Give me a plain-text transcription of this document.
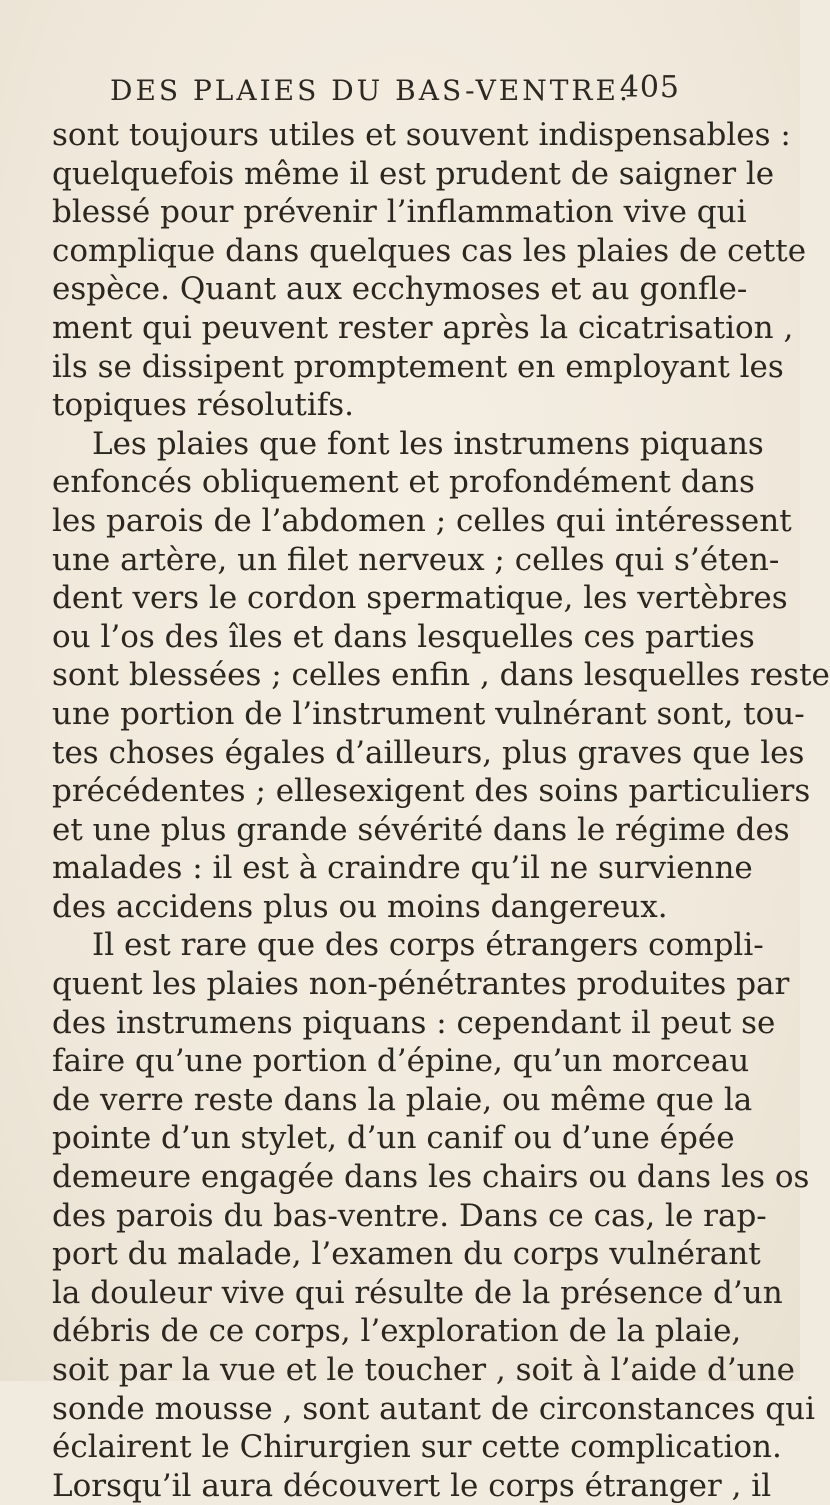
DES PLAIES DU BAS-VENTRE.
405
sont toujours utiles et souvent indispensables :
quelquefois même il est prudent de saigner le
blessé pour prévenir l’inflammation vive qui
complique dans quelques cas les plaies de cette
espèce. Quant aux ecchymoses et au gonfle-
ment qui peuvent rester après la cicatrisation ,
ils se dissipent promptement en employant les
topiques résolutifs.
Les plaies que font les instrumens piquans
enfoncés obliquement et profondément dans
les parois de l’abdomen ; celles qui intéressent
une artère, un filet nerveux ; celles qui s’éten-
dent vers le cordon spermatique, les vertèbres
ou l’os des îles et dans lesquelles ces parties
sont blessées ; celles enfin , dans lesquelles reste
une portion de l’instrument vulnérant sont, tou-
tes choses égales d’ailleurs, plus graves que les
précédentes ; ellesexigent des soins particuliers
et une plus grande sévérité dans le régime des
malades : il est à craindre qu’il ne survienne
des accidens plus ou moins dangereux.
Il est rare que des corps étrangers compli-
quent les plaies non-pénétrantes produites par
des instrumens piquans : cependant il peut se
faire qu’une portion d’épine, qu’un morceau
de verre reste dans la plaie, ou même que la
pointe d’un stylet, d’un canif ou d’une épée
demeure engagée dans les chairs ou dans les os
des parois du bas-ventre. Dans ce cas, le rap-
port du malade, l’examen du corps vulnérant
la douleur vive qui résulte de la présence d’un
débris de ce corps, l’exploration de la plaie,
soit par la vue et le toucher , soit à l’aide d’une
sonde mousse , sont autant de circonstances qui
éclairent le Chirurgien sur cette complication.
Lorsqu’il aura découvert le corps étranger , il
